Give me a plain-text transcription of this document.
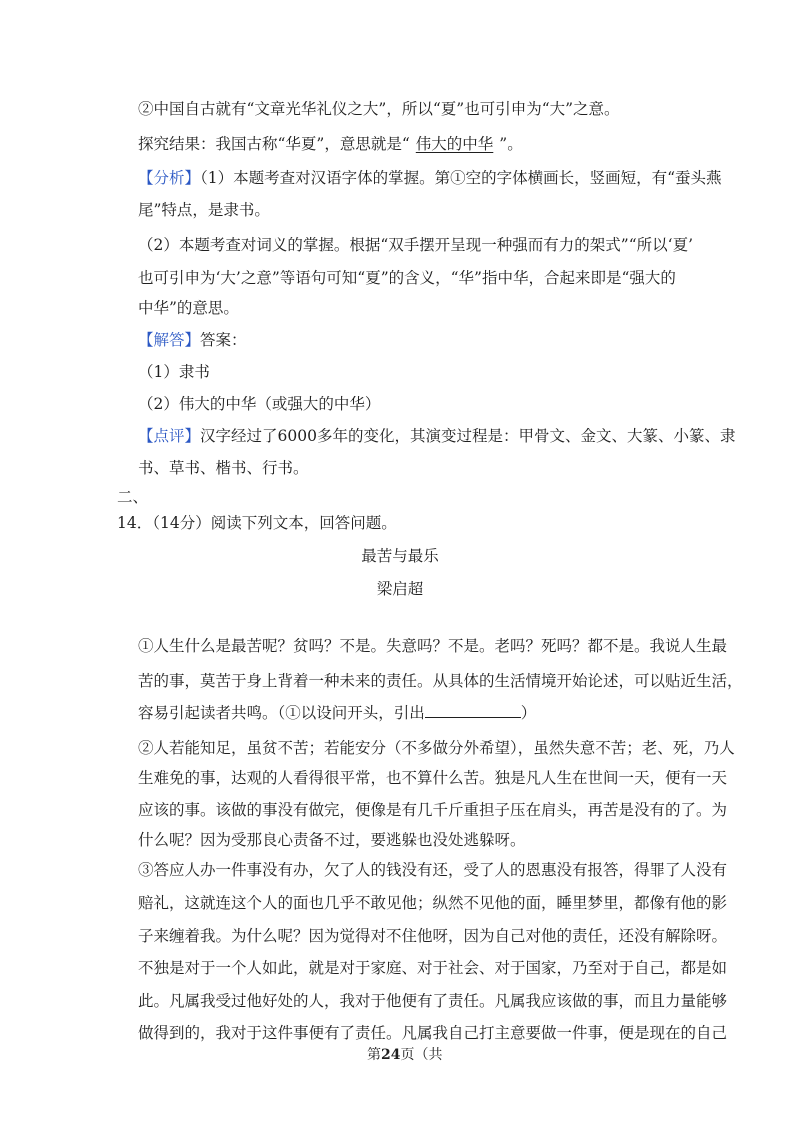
②中国自古就有“文章光华礼仪之大”，所以“夏”也可引申为“大”之意。
探究结果：我国古称“华夏”，意思就是“ 伟大的中华 ”。
【分析】（1）本题考查对汉语字体的掌握。第①空的字体横画长，竖画短，有“蚕头燕
尾”特点，是隶书。
（2）本题考查对词义的掌握。根据“双手摆开呈现一种强而有力的架式”“所以‘夏’
也可引申为‘大’之意”等语句可知“夏”的含义，“华”指中华，合起来即是“强大的
中华”的意思。
【解答】答案：
（1）隶书
（2）伟大的中华（或强大的中华）
【点评】汉字经过了6000多年的变化，其演变过程是：甲骨文、金文、大篆、小篆、隶
书、草书、楷书、行书。
二、
14．（14分）阅读下列文本，回答问题。
最苦与最乐
梁启超
①人生什么是最苦呢？贫吗？不是。失意吗？不是。老吗？死吗？都不是。我说人生最
苦的事，莫苦于身上背着一种未来的责任。从具体的生活情境开始论述，可以贴近生活，
容易引起读者共鸣。（①以设问开头，引出	）
②人若能知足，虽贫不苦；若能安分（不多做分外希望），虽然失意不苦；老、死，乃人
生难免的事，达观的人看得很平常，也不算什么苦。独是凡人生在世间一天，便有一天
应该的事。该做的事没有做完，便像是有几千斤重担子压在肩头，再苦是没有的了。为
什么呢？因为受那良心责备不过，要逃躲也没处逃躲呀。
③答应人办一件事没有办，欠了人的钱没有还，受了人的恩惠没有报答，得罪了人没有
赔礼，这就连这个人的面也几乎不敢见他；纵然不见他的面，睡里梦里，都像有他的影
子来缠着我。为什么呢？因为觉得对不住他呀，因为自己对他的责任，还没有解除呀。
不独是对于一个人如此，就是对于家庭、对于社会、对于国家，乃至对于自己，都是如
此。凡属我受过他好处的人，我对于他便有了责任。凡属我应该做的事，而且力量能够
做得到的，我对于这件事便有了责任。凡属我自己打主意要做一件事，便是现在的自己
第24页（共
